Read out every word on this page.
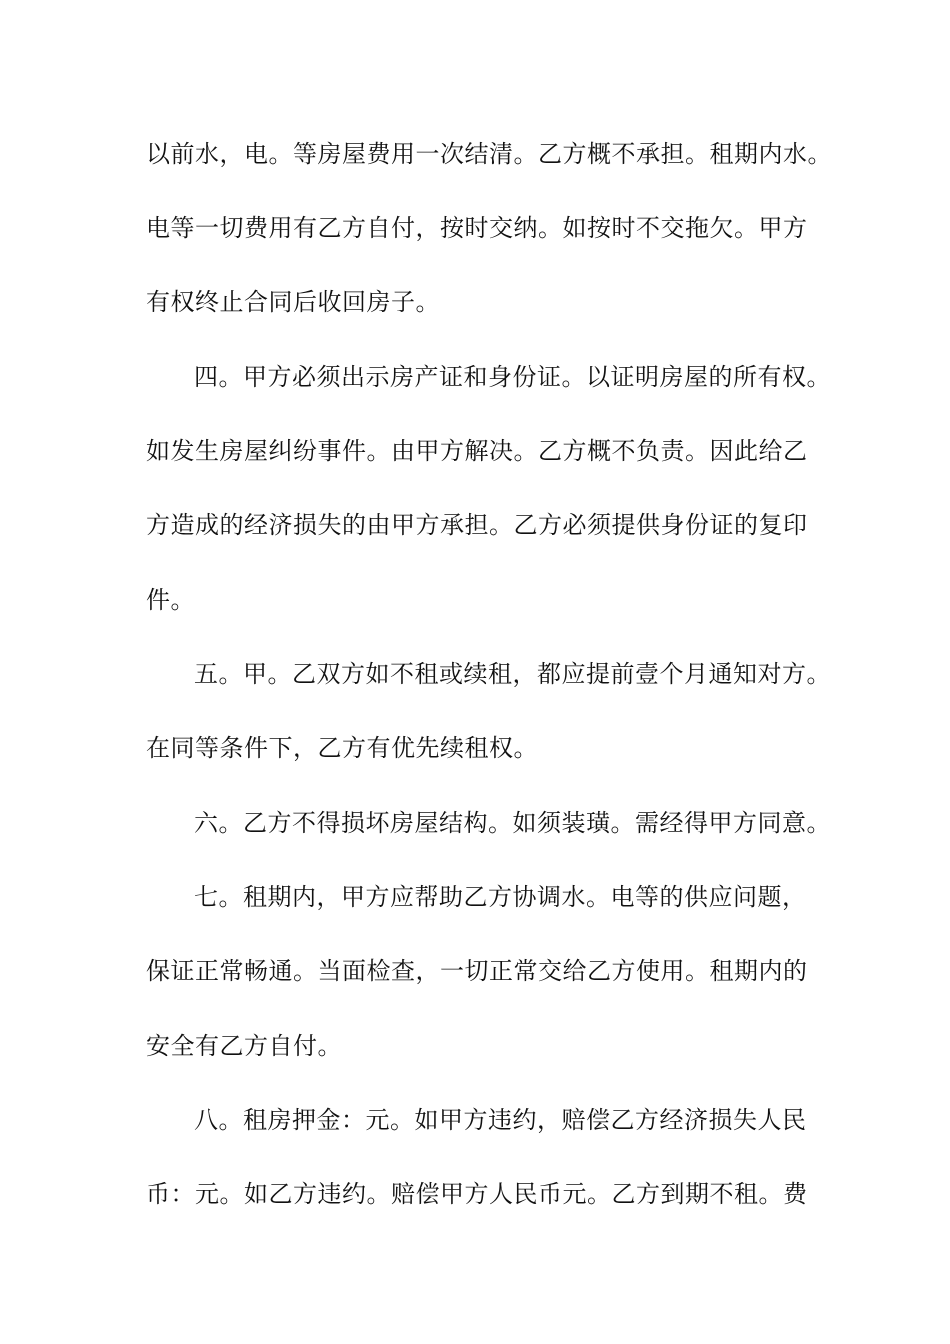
以前水，电。等房屋费用一次结清。乙方概不承担。租期内水。
电等一切费用有乙方自付，按时交纳。如按时不交拖欠。甲方
有权终止合同后收回房子。
四。甲方必须出示房产证和身份证。以证明房屋的所有权。
如发生房屋纠纷事件。由甲方解决。乙方概不负责。因此给乙
方造成的经济损失的由甲方承担。乙方必须提供身份证的复印
件。
五。甲。乙双方如不租或续租，都应提前壹个月通知对方。
在同等条件下，乙方有优先续租权。
六。乙方不得损坏房屋结构。如须装璜。需经得甲方同意。
七。租期内，甲方应帮助乙方协调水。电等的供应问题，
保证正常畅通。当面检查，一切正常交给乙方使用。租期内的
安全有乙方自付。
八。租房押金：元。如甲方违约，赔偿乙方经济损失人民
币：元。如乙方违约。赔偿甲方人民币元。乙方到期不租。费
